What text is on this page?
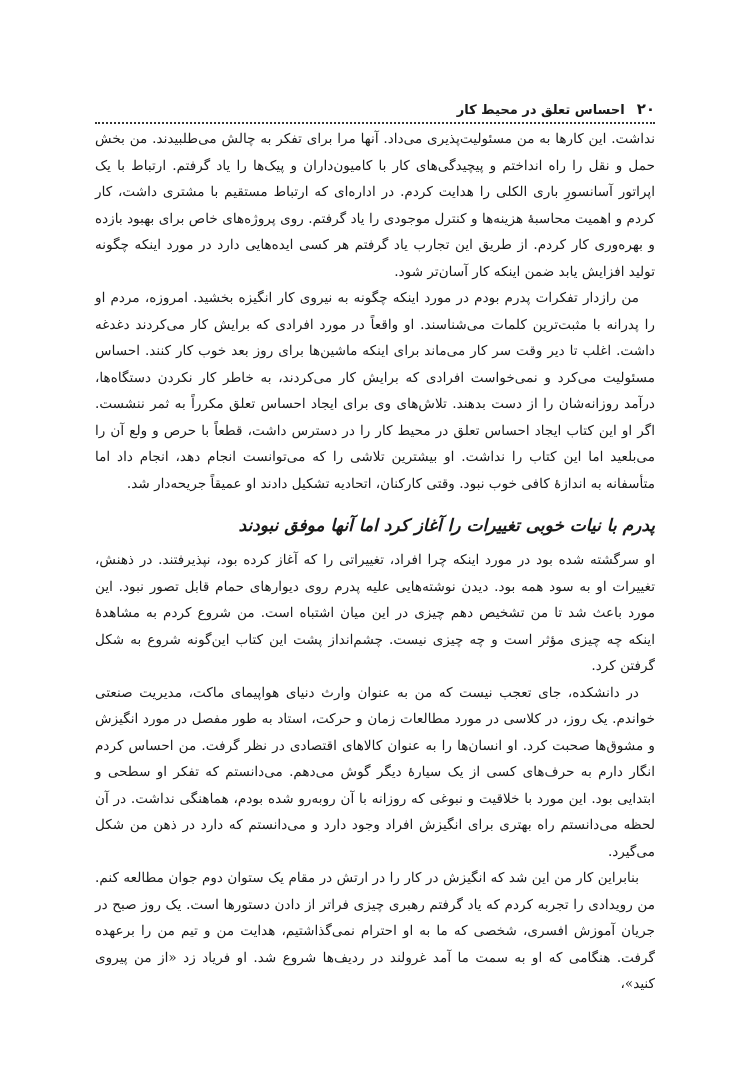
۲۰
احساس تعلق در محیط کار

نداشت. این کارها به من مسئولیت‌پذیری می‌داد. آنها مرا برای تفکر به چالش می‌طلبیدند. من بخش حمل و نقل را راه انداختم و پیچیدگی‌های کار با کامیون‌داران و پیک‌ها را یاد گرفتم. ارتباط با یک اپراتور آسانسورِ باری الکلی را هدایت کردم. در اداره‌ای که ارتباط مستقیم با مشتری داشت، کار کردم و اهمیت محاسبهٔ هزینه‌ها و کنترل موجودی را یاد گرفتم. روی پروژه‌های خاص برای بهبود بازده و بهره‌وری کار کردم. از طریق این تجارب یاد گرفتم هر کسی ایده‌هایی دارد در مورد اینکه چگونه تولید افزایش یابد ضمن اینکه کار آسان‌تر شود.

من رازدار تفکرات پدرم بودم در مورد اینکه چگونه به نیروی کار انگیزه بخشید. امروزه، مردم او را پدرانه با مثبت‌ترین کلمات می‌شناسند. او واقعاً در مورد افرادی که برایش کار می‌کردند دغدغه داشت. اغلب تا دیر وقت سر کار می‌ماند برای اینکه ماشین‌ها برای روز بعد خوب کار کنند. احساس مسئولیت می‌کرد و نمی‌خواست افرادی که برایش کار می‌کردند، به خاطر کار نکردن دستگاه‌ها، درآمد روزانه‌شان را از دست بدهند. تلاش‌های وی برای ایجاد احساس تعلق مکرراً به ثمر ننشست. اگر او این کتاب ایجاد احساس تعلق در محیط کار را در دسترس داشت، قطعاً با حرص و ولع آن را می‌بلعید اما این کتاب را نداشت. او بیشترین تلاشی را که می‌توانست انجام دهد، انجام داد اما متأسفانه به اندازهٔ کافی خوب نبود. وقتی کارکنان، اتحادیه تشکیل دادند او عمیقاً جریحه‌دار شد.

پدرم با نیات خوبی تغییرات را آغاز کرد اما آنها موفق نبودند

او سرگشته شده بود در مورد اینکه چرا افراد، تغییراتی را که آغاز کرده بود، نپذیرفتند. در ذهنش، تغییرات او به سود همه بود. دیدن نوشته‌هایی علیه پدرم روی دیوارهای حمام قابل تصور نبود. این مورد باعث شد تا من تشخیص دهم چیزی در این میان اشتباه است. من شروع کردم به مشاهدهٔ اینکه چه چیزی مؤثر است و چه چیزی نیست. چشم‌انداز پشت این کتاب این‌گونه شروع به شکل گرفتن کرد.

در دانشکده، جای تعجب نیست که من به عنوان وارث دنیای هواپیمای ماکت، مدیریت صنعتی خواندم. یک روز، در کلاسی در مورد مطالعات زمان و حرکت، استاد به طور مفصل در مورد انگیزش و مشوق‌ها صحبت کرد. او انسان‌ها را به عنوان کالاهای اقتصادی در نظر گرفت. من احساس کردم انگار دارم به حرف‌های کسی از یک سیارهٔ دیگر گوش می‌دهم. می‌دانستم که تفکر او سطحی و ابتدایی بود. این مورد با خلاقیت و نبوغی که روزانه با آن روبه‌رو شده بودم، هماهنگی نداشت. در آن لحظه می‌دانستم راه بهتری برای انگیزش افراد وجود دارد و می‌دانستم که دارد در ذهن من شکل می‌گیرد.

بنابراین کار من این شد که انگیزش در کار را در ارتش در مقام یک ستوان دوم جوان مطالعه کنم. من رویدادی را تجربه کردم که یاد گرفتم رهبری چیزی فراتر از دادن دستورها است. یک روز صبح در جریان آموزش افسری، شخصی که ما به او احترام نمی‌گذاشتیم، هدایت من و تیم من را برعهده گرفت. هنگامی که او به سمت ما آمد غرولند در ردیف‌ها شروع شد. او فریاد زد «از من پیروی کنید»،
